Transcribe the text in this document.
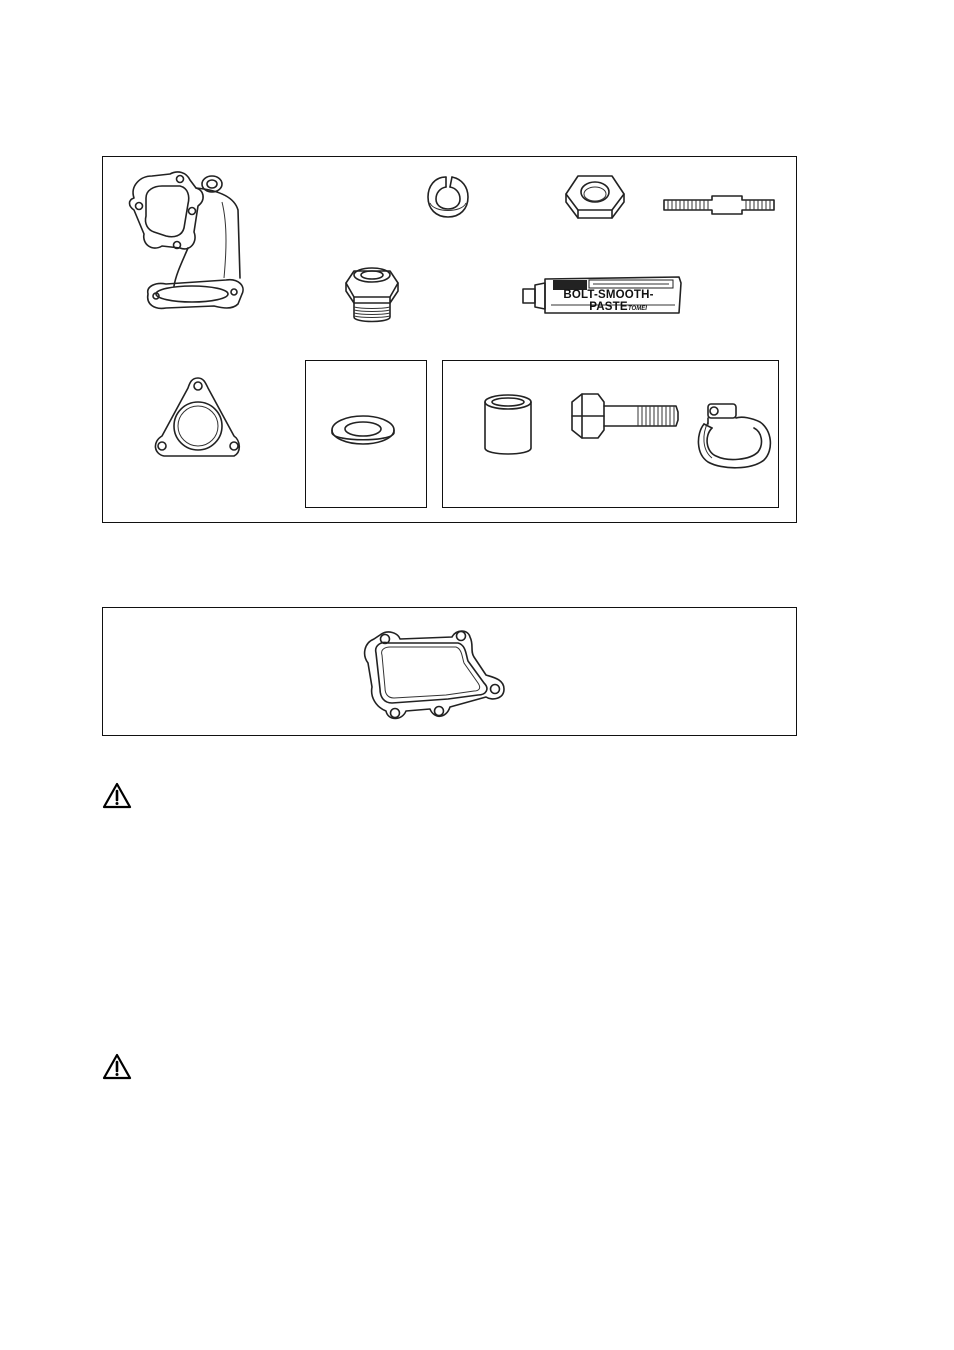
BOLT-SMOOTH-PASTE TOMEI
